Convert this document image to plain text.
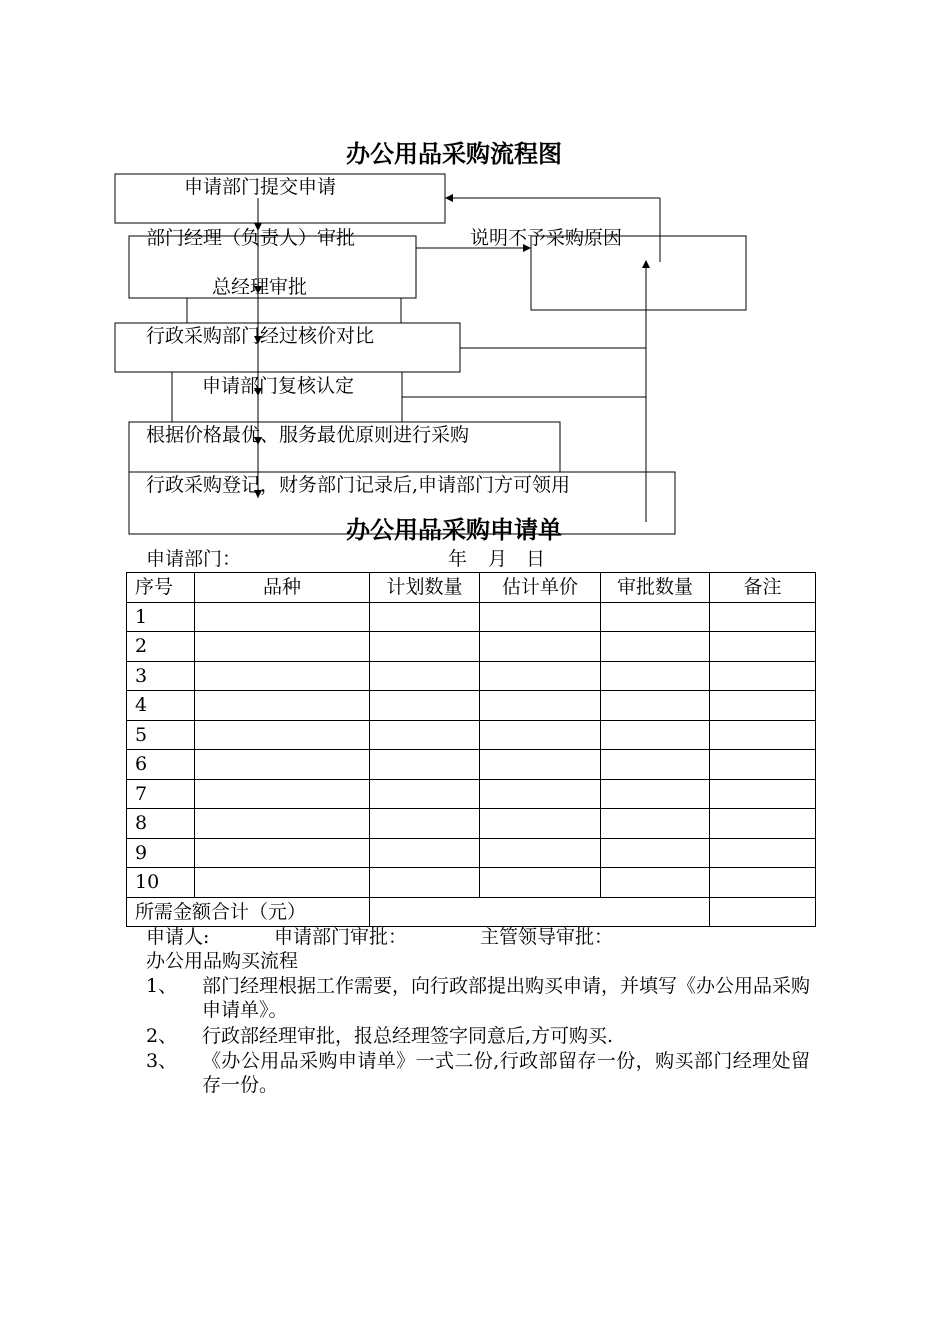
办公用品采购流程图
申请部门提交申请
部门经理（负责人）审批
总经理审批
行政采购部门经过核价对比
申请部门复核认定
根据价格最优、服务最优原则进行采购
行政采购登记，财务部门记录后,申请部门方可领用
说明不予采购原因
办公用品采购申请单
申请部门：	年 月 日
序号	品种	计划数量	估计单价	审批数量	备注
1					
2					
3					
4					
5					
6					
7					
8					
9					
10					
所需金额合计（元）					
申请人:	申请部门审批：	主管领导审批：
办公用品购买流程
1、 部门经理根据工作需要，向行政部提出购买申请，并填写《办公用品采购申请单》。
2、 行政部经理审批，报总经理签字同意后,方可购买.
3、 《办公用品采购申请单》一式二份,行政部留存一份，购买部门经理处留存一份。
